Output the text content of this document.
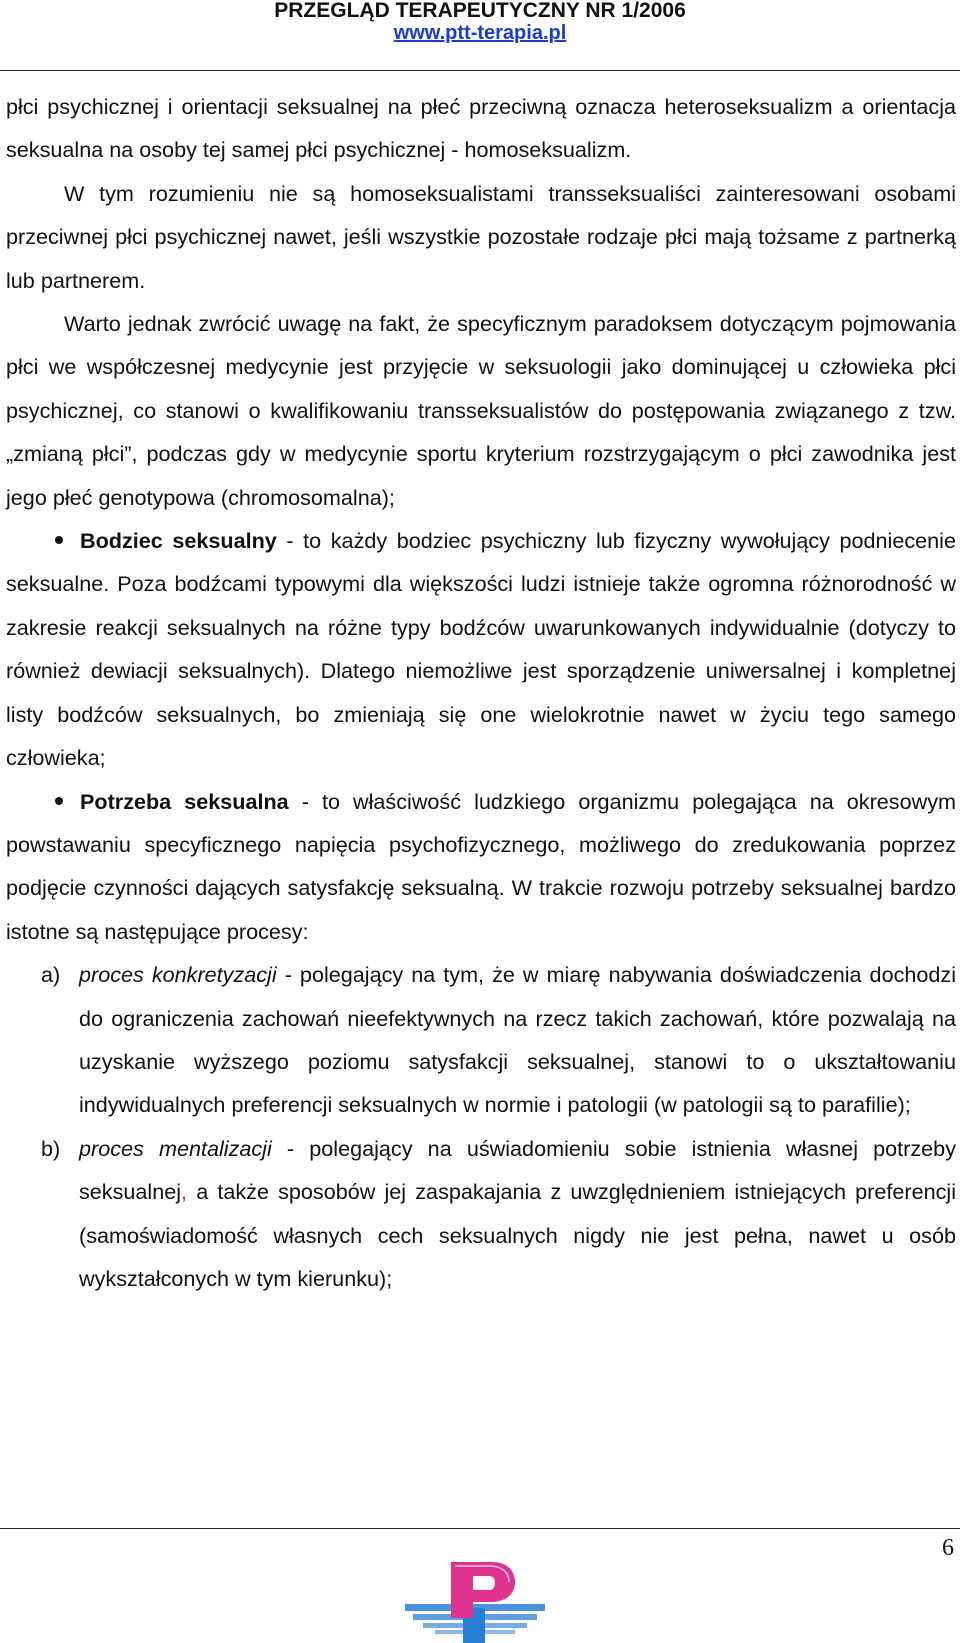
PRZEGLĄD TERAPEUTYCZNY NR 1/2006
www.ptt-terapia.pl

płci psychicznej i orientacji seksualnej na płeć przeciwną oznacza heteroseksualizm a orientacja seksualna na osoby tej samej płci psychicznej - homoseksualizm.

W tym rozumieniu nie są homoseksualistami transseksualiści zainteresowani osobami przeciwnej płci psychicznej nawet, jeśli wszystkie pozostałe rodzaje płci mają tożsame z partnerką lub partnerem.

Warto jednak zwrócić uwagę na fakt, że specyficznym paradoksem dotyczącym pojmowania płci we współczesnej medycynie jest przyjęcie w seksuologii jako dominującej u człowieka płci psychicznej, co stanowi o kwalifikowaniu transseksualistów do postępowania związanego z tzw. „zmianą płci”, podczas gdy w medycynie sportu kryterium rozstrzygającym o płci zawodnika jest jego płeć genotypowa (chromosomalna);

Bodziec seksualny - to każdy bodziec psychiczny lub fizyczny wywołujący podniecenie seksualne. Poza bodźcami typowymi dla większości ludzi istnieje także ogromna różnorodność w zakresie reakcji seksualnych na różne typy bodźców uwarunkowanych indywidualnie (dotyczy to również dewiacji seksualnych). Dlatego niemożliwe jest sporządzenie uniwersalnej i kompletnej listy bodźców seksualnych, bo zmieniają się one wielokrotnie nawet w życiu tego samego człowieka;

Potrzeba seksualna - to właściwość ludzkiego organizmu polegająca na okresowym powstawaniu specyficznego napięcia psychofizycznego, możliwego do zredukowania poprzez podjęcie czynności dających satysfakcję seksualną. W trakcie rozwoju potrzeby seksualnej bardzo istotne są następujące procesy:

a) proces konkretyzacji - polegający na tym, że w miarę nabywania doświadczenia dochodzi do ograniczenia zachowań nieefektywnych na rzecz takich zachowań, które pozwalają na uzyskanie wyższego poziomu satysfakcji seksualnej, stanowi to o ukształtowaniu indywidualnych preferencji seksualnych w normie i patologii (w patologii są to parafilie);

b) proces mentalizacji - polegający na uświadomieniu sobie istnienia własnej potrzeby seksualnej, a także sposobów jej zaspakajania z uwzględnieniem istniejących preferencji (samoświadomość własnych cech seksualnych nigdy nie jest pełna, nawet u osób wykształconych w tym kierunku);

6
